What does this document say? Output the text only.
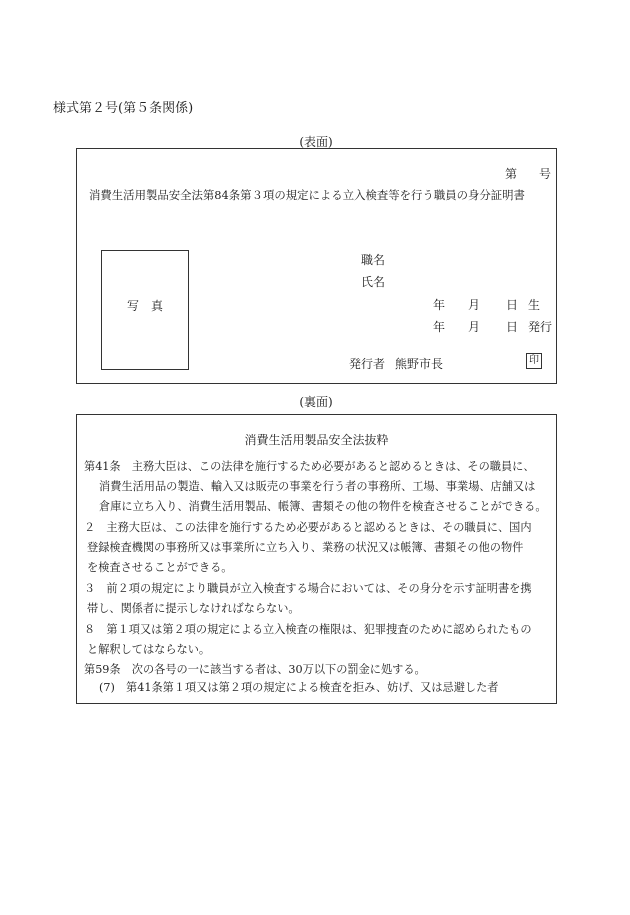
様式第２号(第５条関係)
(表面)
第 号
消費生活用製品安全法第84条第３項の規定による立入検査等を行う職員の身分証明書
写　真
職名
氏名
年 月 日 生
年 月 日 発行
発行者 熊野市長	印
(裏面)
消費生活用製品安全法抜粋
第41条　主務大臣は、この法律を施行するため必要があると認めるときは、その職員に、
消費生活用品の製造、輸入又は販売の事業を行う者の事務所、工場、事業場、店舗又は
倉庫に立ち入り、消費生活用製品、帳簿、書類その他の物件を検査させることができる。
２　主務大臣は、この法律を施行するため必要があると認めるときは、その職員に、国内
登録検査機関の事務所又は事業所に立ち入り、業務の状況又は帳簿、書類その他の物件
を検査させることができる。
３　前２項の規定により職員が立入検査する場合においては、その身分を示す証明書を携
帯し、関係者に提示しなければならない。
８　第１項又は第２項の規定による立入検査の権限は、犯罪捜査のために認められたもの
と解釈してはならない。
第59条　次の各号の一に該当する者は、30万以下の罰金に処する。
(7)　第41条第１項又は第２項の規定による検査を拒み、妨げ、又は忌避した者
